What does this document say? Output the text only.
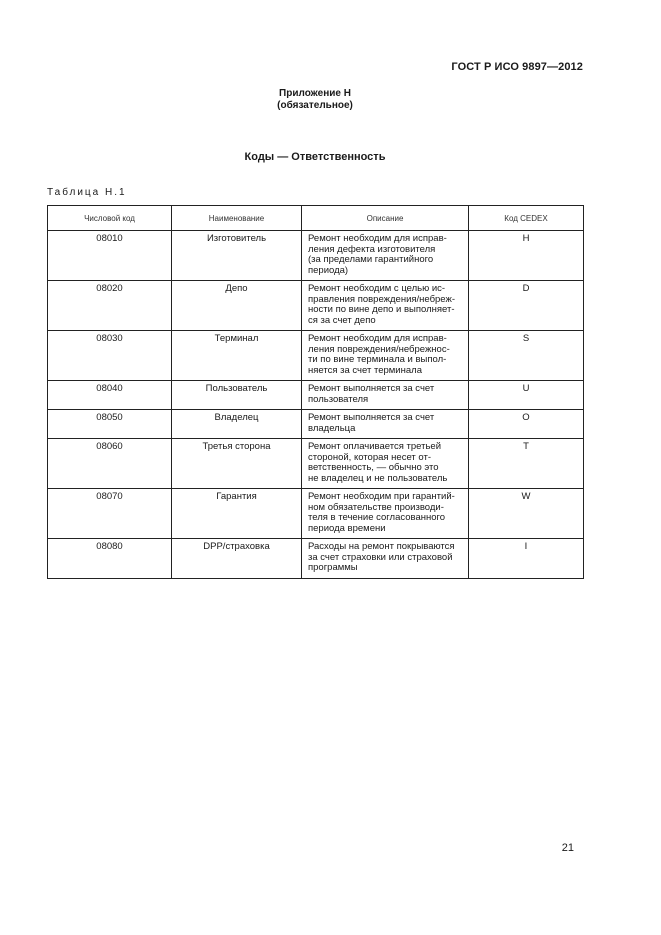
ГОСТ Р ИСО 9897—2012
Приложение Н
(обязательное)
Коды — Ответственность
Таблица Н.1
Числовой код	Наименование	Описание	Код CEDEX

08010	Изготовитель	Ремонт необходим для исправ-
ления дефекта изготовителя
(за пределами гарантийного
периода)	H

08020	Депо	Ремонт необходим с целью ис-
правления повреждения/небреж-
ности по вине депо и выполняет-
ся за счет депо	D

08030	Терминал	Ремонт необходим для исправ-
ления повреждения/небрежнос-
ти по вине терминала и выпол-
няется за счет терминала	S

08040	Пользователь	Ремонт выполняется за счет
пользователя	U

08050	Владелец	Ремонт выполняется за счет
владельца	O

08060	Третья сторона	Ремонт оплачивается третьей
стороной, которая несет от-
ветственность, — обычно это
не владелец и не пользователь	T

08070	Гарантия	Ремонт необходим при гарантий-
ном обязательстве производи-
теля в течение согласованного
периода времени	W

08080	DPP/страховка	Расходы на ремонт покрываются
за счет страховки или страховой
программы	I
21
